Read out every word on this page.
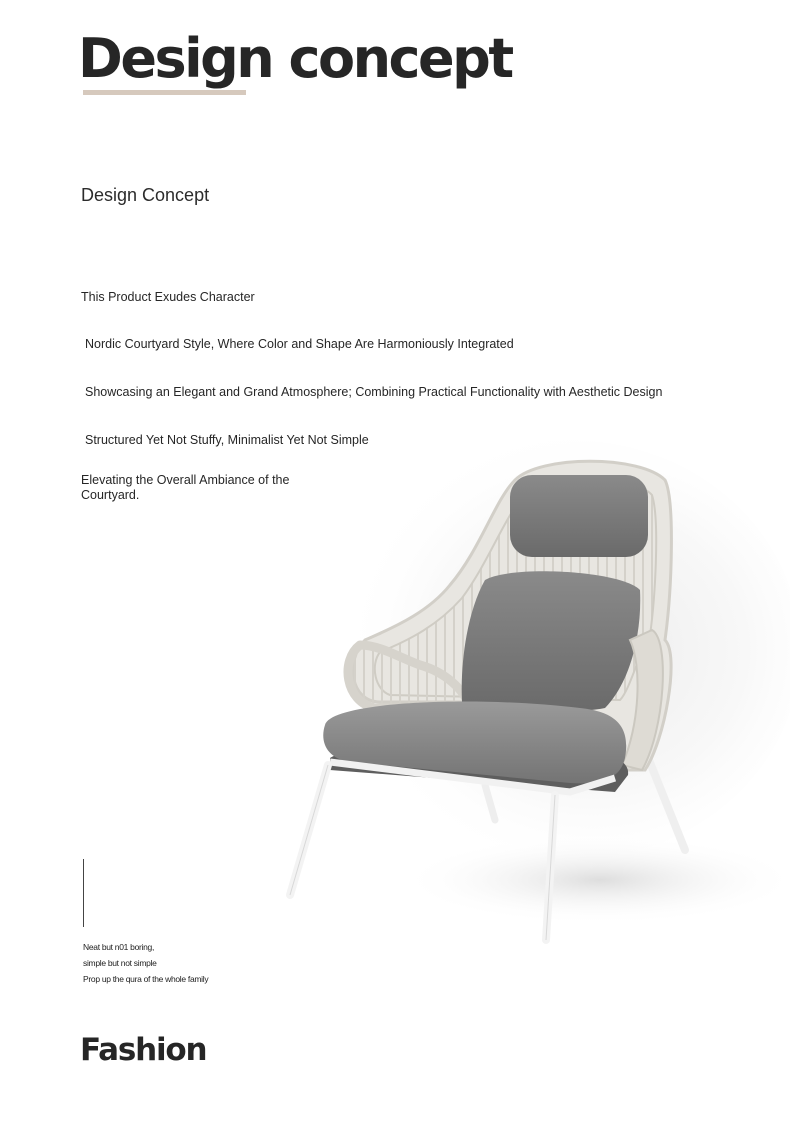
Design concept
Design Concept
This Product Exudes Character
Nordic Courtyard Style, Where Color and Shape Are Harmoniously Integrated
Showcasing an Elegant and Grand Atmosphere; Combining Practical Functionality with Aesthetic Design
Structured Yet Not Stuffy, Minimalist Yet Not Simple
Elevating the Overall Ambiance of the Courtyard.
Neat but n01 boring,
simple but not simple
Prop up the qura of the whole family
Fashion
